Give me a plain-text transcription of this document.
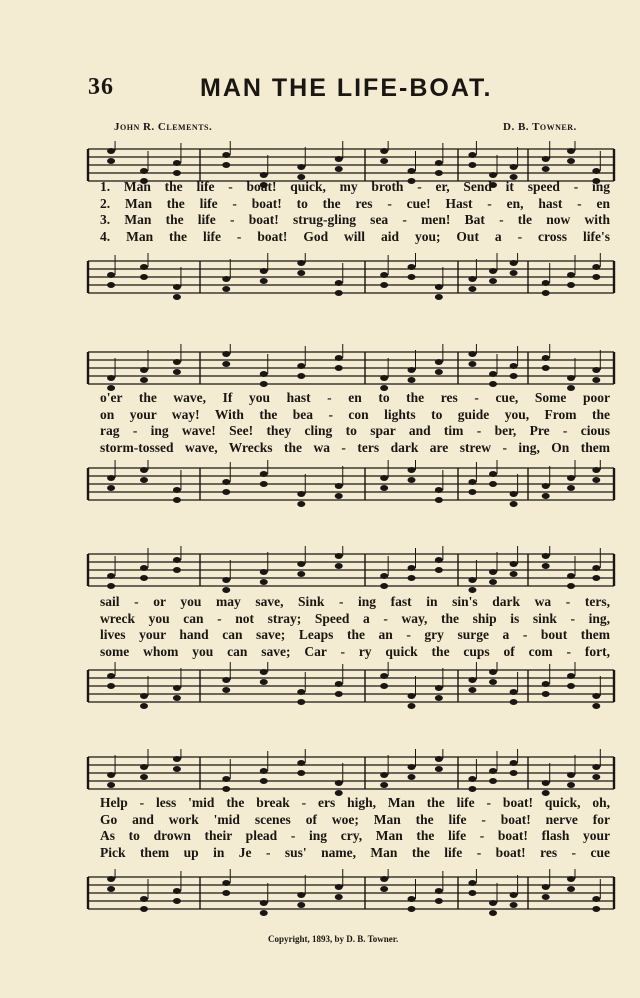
36	MAN THE LIFE-BOAT.
John R. Clements.	D. B. Towner.
1. Man the life - boat! quick, my broth - er, Send it speed - ing
2. Man the life - boat! to the res - cue! Hast - en, hast - en
3. Man the life - boat! strug-gling sea - men! Bat - tle now with
4. Man the life - boat! God will aid you; Out a - cross life's
o'er the wave, If you hast - en to the res - cue, Some poor
on your way! With the bea - con lights to guide you, From the
rag - ing wave! See! they cling to spar and tim - ber, Pre - cious
storm-tossed wave, Wrecks the wa - ters dark are strew - ing, On them
sail - or you may save, Sink - ing fast in sin's dark wa - ters,
wreck you can - not stray; Speed a - way, the ship is sink - ing,
lives your hand can save; Leaps the an - gry surge a - bout them
some whom you can save; Car - ry quick the cups of com - fort,
Help - less 'mid the break - ers high, Man the life - boat! quick, oh,
Go and work 'mid scenes of woe; Man the life - boat! nerve for
As to drown their plead - ing cry, Man the life - boat! flash your
Pick them up in Je - sus' name, Man the life - boat! res - cue
Copyright, 1893, by D. B. Towner.
